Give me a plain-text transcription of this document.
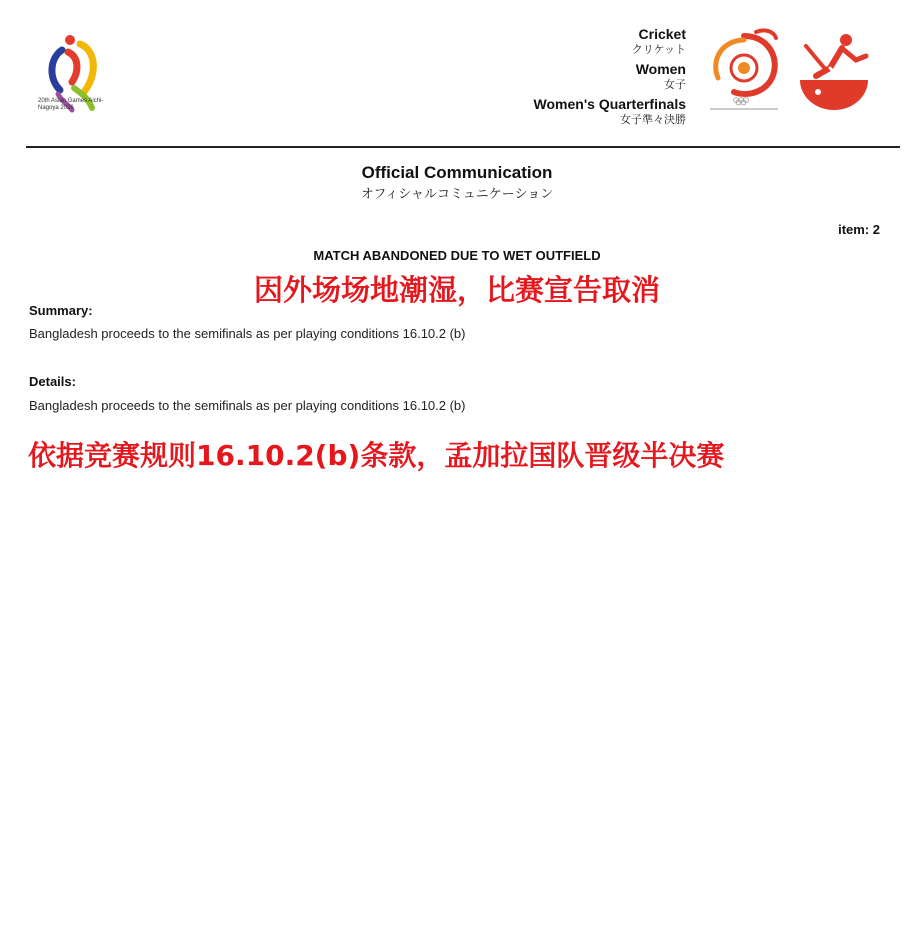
20th Asian Games Aichi-Nagoya 2026
Cricket
クリケット
Women
女子
Women's Quarterfinals
女子準々決勝
Official Communication
オフィシャルコミュニケーション
item: 2
MATCH ABANDONED DUE TO WET OUTFIELD
因外场场地潮湿，比赛宣告取消
Summary:
Bangladesh proceeds to the semifinals as per playing conditions 16.10.2 (b)
Details:
Bangladesh proceeds to the semifinals as per playing conditions 16.10.2 (b)
依据竞赛规则16.10.2(b)条款，孟加拉国队晋级半决赛
